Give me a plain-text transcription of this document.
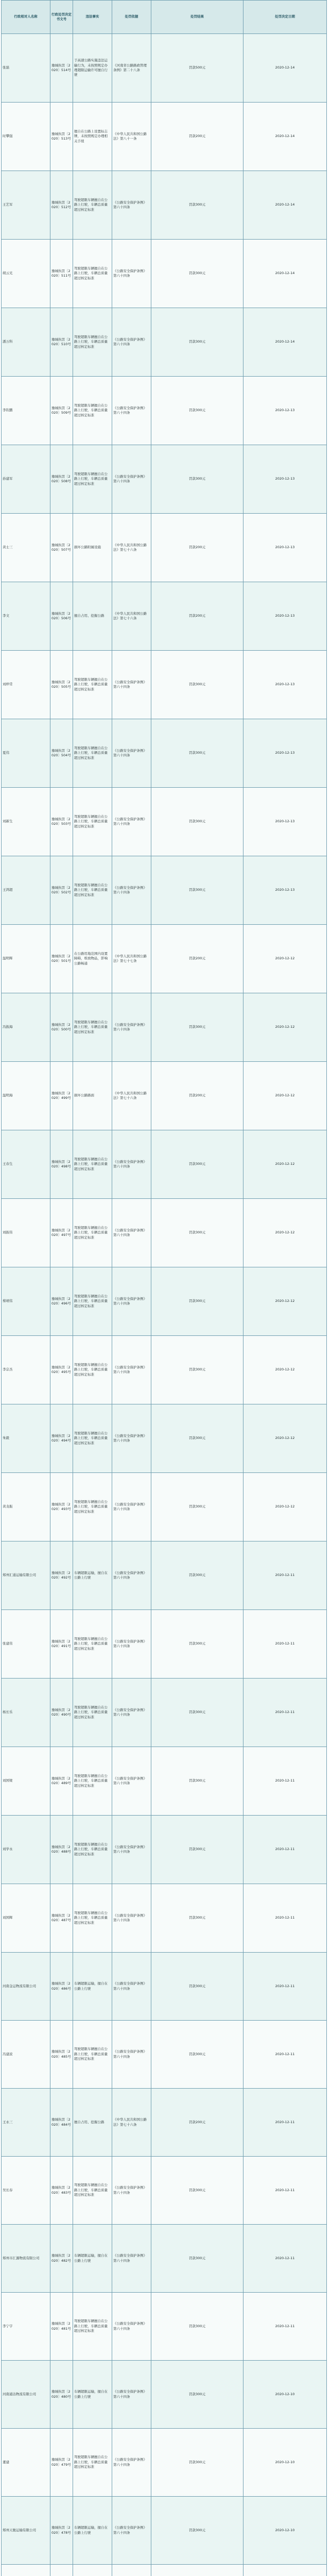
行政相对人名称	行政处罚决定书文号	违法事实	处罚依据	处罚结果	处罚决定日期
张磊	豫城执罚〔2020〕514号	于高速公路实施违法运输行为，未按照规定办理超限运输许可擅自行驶	《河南省公路路政管理条例》第二十八条	罚款500元	2020-12-14
时攀强	豫城执罚〔2020〕513号	擅自在公路上设置标志牌，未按照规定办理相关手续	《中华人民共和国公路法》第八十一条	罚款200元	2020-12-14
王艺军	豫城执罚〔2020〕512号	驾驶超限车辆擅自在公路上行驶，车辆总质量超过核定标准	《公路安全保护条例》第六十四条	罚款300元	2020-12-14
胡云光	豫城执罚〔2020〕511号	驾驶超限车辆擅自在公路上行驶，车辆总质量超过核定标准	《公路安全保护条例》第六十四条	罚款300元	2020-12-14
潘万科	豫城执罚〔2020〕510号	驾驶超限车辆擅自在公路上行驶，车辆总质量超过核定标准	《公路安全保护条例》第六十四条	罚款300元	2020-12-14
李钦鹏	豫城执罚〔2020〕509号	驾驶超限车辆擅自在公路上行驶，车辆总质量超过核定标准	《公路安全保护条例》第六十四条	罚款300元	2020-12-13
孙建军	豫城执罚〔2020〕508号	驾驶超限车辆擅自在公路上行驶，车辆总质量超过核定标准	《公路安全保护条例》第六十四条	罚款300元	2020-12-13
黄士三	豫城执罚〔2020〕507号	损坏公路附属设施	《中华人民共和国公路法》第七十六条	罚款200元	2020-12-13
李文	豫城执罚〔2020〕506号	擅自占用、挖掘公路	《中华人民共和国公路法》第七十六条	罚款200元	2020-12-13
刘梓常	豫城执罚〔2020〕505号	驾驶超限车辆擅自在公路上行驶，车辆总质量超过核定标准	《公路安全保护条例》第六十四条	罚款300元	2020-12-13
夏伟	豫城执罚〔2020〕504号	驾驶超限车辆擅自在公路上行驶，车辆总质量超过核定标准	《公路安全保护条例》第六十四条	罚款300元	2020-12-13
刘新生	豫城执罚〔2020〕503号	驾驶超限车辆擅自在公路上行驶，车辆总质量超过核定标准	《公路安全保护条例》第六十四条	罚款300元	2020-12-13
王鸿超	豫城执罚〔2020〕502号	驾驶超限车辆擅自在公路上行驶，车辆总质量超过核定标准	《公路安全保护条例》第六十四条	罚款300元	2020-12-13
温明辉	豫城执罚〔2020〕501号	在公路用地范围内设置障碍，堆放物品，影响公路畅通	《中华人民共和国公路法》第七十七条	罚款200元	2020-12-12
冯振海	豫城执罚〔2020〕500号	驾驶超限车辆擅自在公路上行驶，车辆总质量超过核定标准	《公路安全保护条例》第六十四条	罚款300元	2020-12-12
温明海	豫城执罚〔2020〕499号	损坏公路路面	《中华人民共和国公路法》第七十六条	罚款200元	2020-12-12
王春生	豫城执罚〔2020〕498号	驾驶超限车辆擅自在公路上行驶，车辆总质量超过核定标准	《公路安全保护条例》第六十四条	罚款300元	2020-12-12
刘振伟	豫城执罚〔2020〕497号	驾驶超限车辆擅自在公路上行驶，车辆总质量超过核定标准	《公路安全保护条例》第六十四条	罚款300元	2020-12-12
蔡靖伟	豫城执罚〔2020〕496号	驾驶超限车辆擅自在公路上行驶，车辆总质量超过核定标准	《公路安全保护条例》第六十四条	罚款300元	2020-12-12
李宗杰	豫城执罚〔2020〕495号	驾驶超限车辆擅自在公路上行驶，车辆总质量超过核定标准	《公路安全保护条例》第六十四条	罚款300元	2020-12-12
朱毅	豫城执罚〔2020〕494号	驾驶超限车辆擅自在公路上行驶，车辆总质量超过核定标准	《公路安全保护条例》第六十四条	罚款300元	2020-12-12
黄龙振	豫城执罚〔2020〕493号	驾驶超限车辆擅自在公路上行驶，车辆总质量超过核定标准	《公路安全保护条例》第六十四条	罚款300元	2020-12-12
郑州汇通运输有限公司	豫城执罚〔2020〕492号	车辆超限运输，擅自在公路上行驶	《公路安全保护条例》第六十四条	罚款300元	2020-12-11
张建伟	豫城执罚〔2020〕491号	驾驶超限车辆擅自在公路上行驶，车辆总质量超过核定标准	《公路安全保护条例》第六十四条	罚款300元	2020-12-11
杨长乐	豫城执罚〔2020〕490号	驾驶超限车辆擅自在公路上行驶，车辆总质量超过核定标准	《公路安全保护条例》第六十四条	罚款300元	2020-12-11
刘国梁	豫城执罚〔2020〕489号	驾驶超限车辆擅自在公路上行驶，车辆总质量超过核定标准	《公路安全保护条例》第六十四条	罚款300元	2020-12-11
刘学永	豫城执罚〔2020〕488号	驾驶超限车辆擅自在公路上行驶，车辆总质量超过核定标准	《公路安全保护条例》第六十四条	罚款300元	2020-12-11
刘国辉	豫城执罚〔2020〕487号	驾驶超限车辆擅自在公路上行驶，车辆总质量超过核定标准	《公路安全保护条例》第六十四条	罚款300元	2020-12-11
河南金运物流有限公司	豫城执罚〔2020〕486号	车辆超限运输，擅自在公路上行驶	《公路安全保护条例》第六十四条	罚款300元	2020-12-11
冯建波	豫城执罚〔2020〕485号	驾驶超限车辆擅自在公路上行驶，车辆总质量超过核定标准	《公路安全保护条例》第六十四条	罚款300元	2020-12-11
王永三	豫城执罚〔2020〕484号	擅自占用、挖掘公路	《中华人民共和国公路法》第七十六条	罚款200元	2020-12-11
吴长春	豫城执罚〔2020〕483号	驾驶超限车辆擅自在公路上行驶，车辆总质量超过核定标准	《公路安全保护条例》第六十四条	罚款300元	2020-12-11
郑州市汇源物流有限公司	豫城执罚〔2020〕482号	车辆超限运输，擅自在公路上行驶	《公路安全保护条例》第六十四条	罚款300元	2020-12-11
李宁宇	豫城执罚〔2020〕481号	驾驶超限车辆擅自在公路上行驶，车辆总质量超过核定标准	《公路安全保护条例》第六十四条	罚款300元	2020-12-11
河南通达物流有限公司	豫城执罚〔2020〕480号	车辆超限运输，擅自在公路上行驶	《公路安全保护条例》第六十四条	罚款300元	2020-12-10
董建	豫城执罚〔2020〕479号	驾驶超限车辆擅自在公路上行驶，车辆总质量超过核定标准	《公路安全保护条例》第六十四条	罚款300元	2020-12-10
郑州天驰运输有限公司	豫城执罚〔2020〕478号	车辆超限运输，擅自在公路上行驶	《公路安全保护条例》第六十四条	罚款300元	2020-12-10
